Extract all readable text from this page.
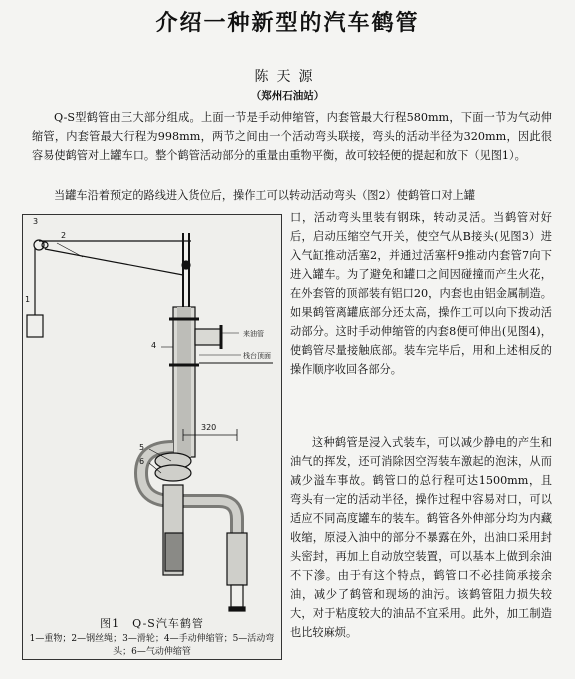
介绍一种新型的汽车鹤管
陈天源
（郑州石油站）

Q-S型鹤管由三大部分组成。上面一节是手动伸缩管，内套管最大行程580mm，下面一节为气动伸缩管，内套管最大行程为998mm，两节之间由一个活动弯头联接，弯头的活动半径为320mm，因此很容易使鹤管对上罐车口。整个鹤管活动部分的重量由重物平衡，故可较轻便的提起和放下（见图1）。

当罐车沿着预定的路线进入货位后，操作工可以转动活动弯头（图2）使鹤管口对上罐

3
2
1
4
5
6
来油管
栈台顶面
320
图1　Q-S汽车鹤管
1—重物；2—钢丝绳；3—滑轮；4—手动伸缩管；5—活动弯头；6—气动伸缩管

口，活动弯头里装有钢珠，转动灵活。当鹤管对好后，启动压缩空气开关，使空气从B接头(见图3）进入气缸推动活塞2，并通过活塞杆9推动内套管7向下进入罐车。为了避免和罐口之间因碰撞而产生火花，在外套管的顶部装有铝口20，内套也由铝金属制造。如果鹤管离罐底部分还太高，操作工可以向下拨动活动部分。这时手动伸缩管的内套8便可伸出(见图4)，使鹤管尽量接触底部。装车完毕后，用和上述相反的操作顺序收回各部分。

这种鹤管是浸入式装车，可以减少静电的产生和油气的挥发，还可消除因空泻装车激起的泡沫，从而减少溢车事故。鹤管口的总行程可达1500mm，且弯头有一定的活动半径，操作过程中容易对口，可以适应不同高度罐车的装车。鹤管各外伸部分均为内藏收缩，原浸入油中的部分不暴露在外，出油口采用封头密封，再加上自动放空装置，可以基本上做到余油不下滲。由于有这个特点，鹤管口不必挂筒承接余油，减少了鹤管和现场的油污。该鹤管阻力损失较大，对于粘度较大的油品不宜采用。此外，加工制造也比较麻烦。
